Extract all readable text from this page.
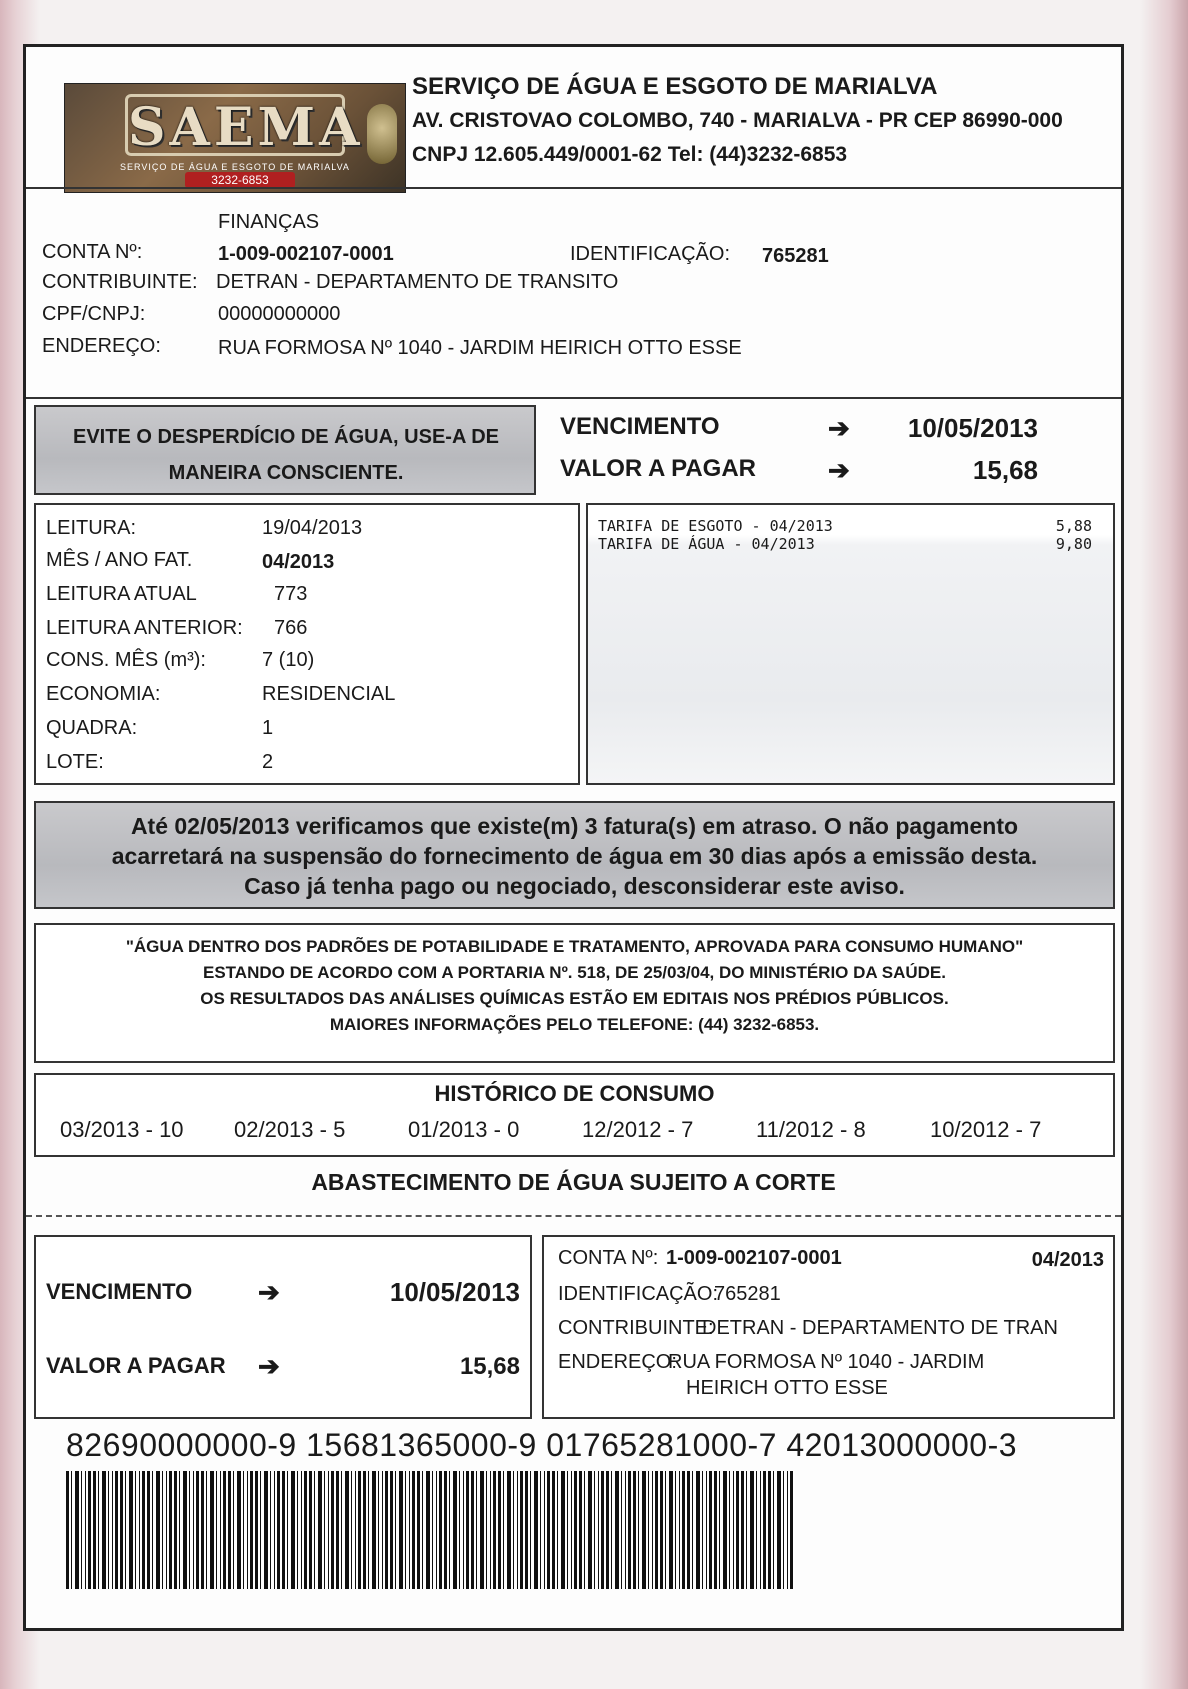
SAEMA
SERVIÇO DE ÁGUA E ESGOTO DE MARIALVA
3232-6853
SERVIÇO DE ÁGUA E ESGOTO DE MARIALVA
AV. CRISTOVAO COLOMBO, 740 - MARIALVA - PR CEP 86990-000
CNPJ 12.605.449/0001-62 Tel: (44)3232-6853
FINANÇAS
CONTA Nº:	1-009-002107-0001	IDENTIFICAÇÃO: 765281
CONTRIBUINTE: DETRAN - DEPARTAMENTO DE TRANSITO
CPF/CNPJ:	00000000000
ENDEREÇO:	RUA FORMOSA Nº 1040 - JARDIM HEIRICH OTTO ESSE
EVITE O DESPERDÍCIO DE ÁGUA, USE-A DE MANEIRA CONSCIENTE.
VENCIMENTO	➔	10/05/2013
VALOR A PAGAR	➔	15,68
LEITURA:	19/04/2013
MÊS / ANO FAT.	04/2013
LEITURA ATUAL	773
LEITURA ANTERIOR: 766
CONS. MÊS (m³):	7 (10)
ECONOMIA:	RESIDENCIAL
QUADRA:	1
LOTE:	2
TARIFA DE ESGOTO - 04/2013	5,88
TARIFA DE ÁGUA - 04/2013	9,80
Até 02/05/2013 verificamos que existe(m) 3 fatura(s) em atraso. O não pagamento
acarretará na suspensão do fornecimento de água em 30 dias após a emissão desta.
Caso já tenha pago ou negociado, desconsiderar este aviso.
"ÁGUA DENTRO DOS PADRÕES DE POTABILIDADE E TRATAMENTO, APROVADA PARA CONSUMO HUMANO"
ESTANDO DE ACORDO COM A PORTARIA Nº. 518, DE 25/03/04, DO MINISTÉRIO DA SAÚDE.
OS RESULTADOS DAS ANÁLISES QUÍMICAS ESTÃO EM EDITAIS NOS PRÉDIOS PÚBLICOS.
MAIORES INFORMAÇÕES PELO TELEFONE: (44) 3232-6853.
HISTÓRICO DE CONSUMO
03/2013 - 10 02/2013 - 5	01/2013 - 0	12/2012 - 7	11/2012 - 8	10/2012 - 7
ABASTECIMENTO DE ÁGUA SUJEITO A CORTE
VENCIMENTO	➔	10/05/2013
VALOR A PAGAR ➔	15,68
CONTA Nº: 1-009-002107-0001	04/2013
IDENTIFICAÇÃO:
765281
CONTRIBUINTE:
DETRAN - DEPARTAMENTO DE TRAN
ENDEREÇO:
RUA FORMOSA Nº 1040 - JARDIM
HEIRICH OTTO ESSE
82690000000-9 15681365000-9 01765281000-7 42013000000-3
